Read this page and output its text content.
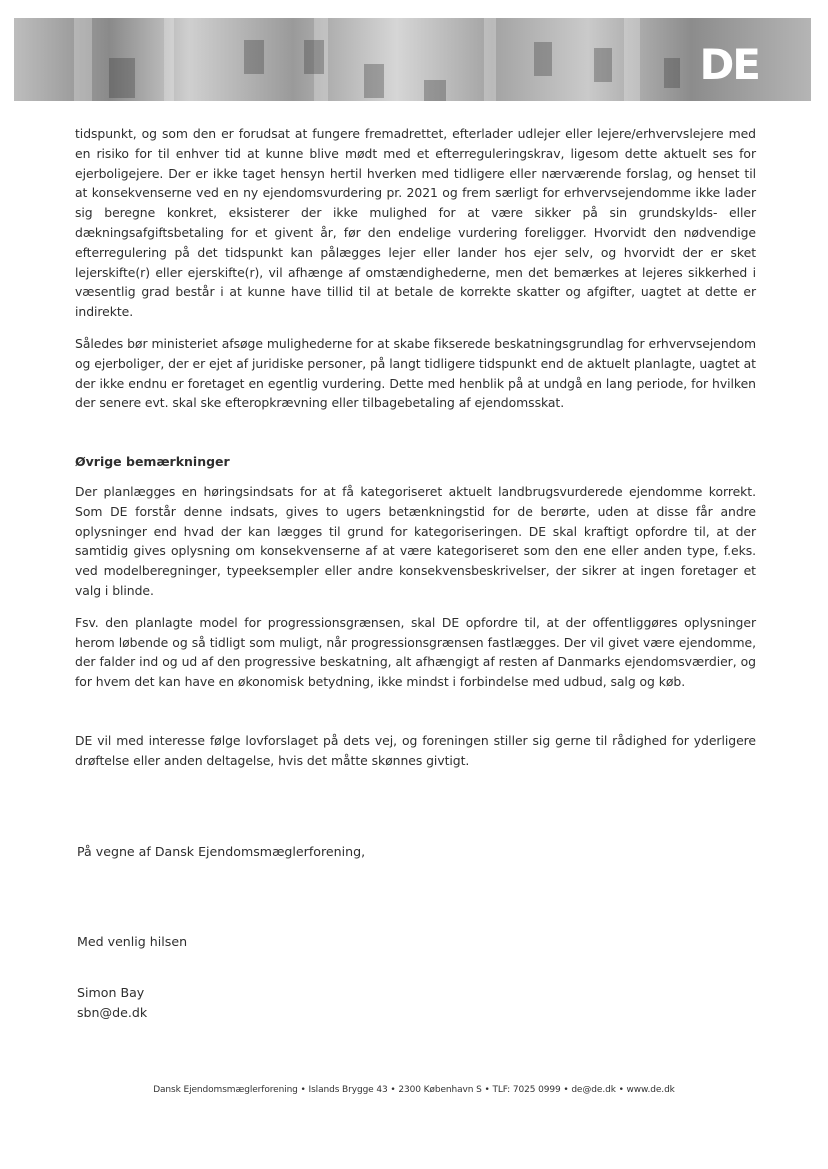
DE

tidspunkt, og som den er forudsat at fungere fremadrettet, efterlader udlejer eller lejere/erhvervslejere med en risiko for til enhver tid at kunne blive mødt med et efterreguleringskrav, ligesom dette aktuelt ses for ejerboligejere. Der er ikke taget hensyn hertil hverken med tidligere eller nærværende forslag, og henset til at konsekvenserne ved en ny ejendomsvurdering pr. 2021 og frem særligt for erhvervsejendomme ikke lader sig beregne konkret, eksisterer der ikke mulighed for at være sikker på sin grundskylds- eller dækningsafgiftsbetaling for et givent år, før den endelige vurdering foreligger. Hvorvidt den nødvendige efterregulering på det tidspunkt kan pålægges lejer eller lander hos ejer selv, og hvorvidt der er sket lejerskifte(r) eller ejerskifte(r), vil afhænge af omstændighederne, men det bemærkes at lejeres sikkerhed i væsentlig grad består i at kunne have tillid til at betale de korrekte skatter og afgifter, uagtet at dette er indirekte.

Således bør ministeriet afsøge mulighederne for at skabe fikserede beskatningsgrundlag for erhvervsejendom og ejerboliger, der er ejet af juridiske personer, på langt tidligere tidspunkt end de aktuelt planlagte, uagtet at der ikke endnu er foretaget en egentlig vurdering. Dette med henblik på at undgå en lang periode, for hvilken der senere evt. skal ske efteropkrævning eller tilbagebetaling af ejendomsskat.

Øvrige bemærkninger

Der planlægges en høringsindsats for at få kategoriseret aktuelt landbrugsvurderede ejendomme korrekt. Som DE forstår denne indsats, gives to ugers betænkningstid for de berørte, uden at disse får andre oplysninger end hvad der kan lægges til grund for kategoriseringen. DE skal kraftigt opfordre til, at der samtidig gives oplysning om konsekvenserne af at være kategoriseret som den ene eller anden type, f.eks. ved modelberegninger, typeeksempler eller andre konsekvensbeskrivelser, der sikrer at ingen foretager et valg i blinde.

Fsv. den planlagte model for progressionsgrænsen, skal DE opfordre til, at der offentliggøres oplysninger herom løbende og så tidligt som muligt, når progressionsgrænsen fastlægges. Der vil givet være ejendomme, der falder ind og ud af den progressive beskatning, alt afhængigt af resten af Danmarks ejendomsværdier, og for hvem det kan have en økonomisk betydning, ikke mindst i forbindelse med udbud, salg og køb.

DE vil med interesse følge lovforslaget på dets vej, og foreningen stiller sig gerne til rådighed for yderligere drøftelse eller anden deltagelse, hvis det måtte skønnes givtigt.

På vegne af Dansk Ejendomsmæglerforening,

Med venlig hilsen

Simon Bay

sbn@de.dk

Dansk Ejendomsmæglerforening • Islands Brygge 43 • 2300 København S • TLF: 7025 0999 • de@de.dk • www.de.dk
